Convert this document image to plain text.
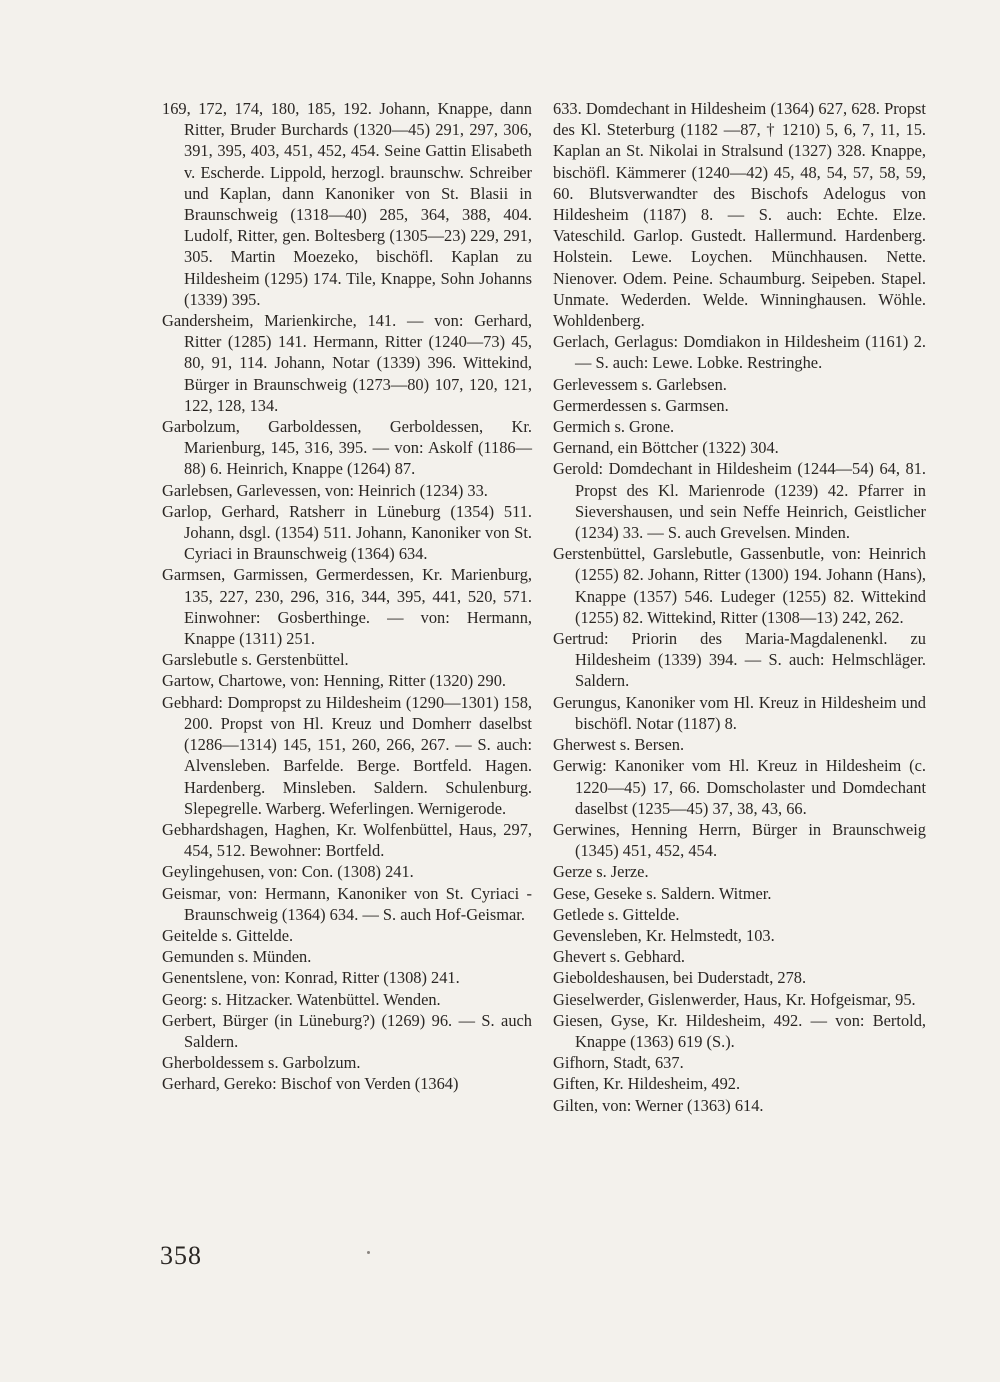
169, 172, 174, 180, 185, 192. Johann, Knappe, dann Ritter, Bruder Burchards (1320—45) 291, 297, 306, 391, 395, 403, 451, 452, 454. Seine Gattin Elisabeth v. Escherde. Lippold, herzogl. braunschw. Schreiber und Kaplan, dann Kanoniker von St. Blasii in Braunschweig (1318—40) 285, 364, 388, 404. Ludolf, Ritter, gen. Boltesberg (1305—23) 229, 291, 305. Martin Moezeko, bischöfl. Kaplan zu Hildesheim (1295) 174. Tile, Knappe, Sohn Johanns (1339) 395.

Gandersheim, Marienkirche, 141. — von: Gerhard, Ritter (1285) 141. Hermann, Ritter (1240—73) 45, 80, 91, 114. Johann, Notar (1339) 396. Wittekind, Bürger in Braunschweig (1273—80) 107, 120, 121, 122, 128, 134.

Garbolzum, Garboldessen, Gerboldessen, Kr. Marienburg, 145, 316, 395. — von: Askolf (1186—88) 6. Heinrich, Knappe (1264) 87.

Garlebsen, Garlevessen, von: Heinrich (1234) 33.

Garlop, Gerhard, Ratsherr in Lüneburg (1354) 511. Johann, dsgl. (1354) 511. Johann, Kanoniker von St. Cyriaci in Braunschweig (1364) 634.

Garmsen, Garmissen, Germerdessen, Kr. Marienburg, 135, 227, 230, 296, 316, 344, 395, 441, 520, 571. Einwohner: Gosberthinge. — von: Hermann, Knappe (1311) 251.

Garslebutle s. Gerstenbüttel.

Gartow, Chartowe, von: Henning, Ritter (1320) 290.

Gebhard: Dompropst zu Hildesheim (1290—1301) 158, 200. Propst von Hl. Kreuz und Domherr daselbst (1286—1314) 145, 151, 260, 266, 267. — S. auch: Alvensleben. Barfelde. Berge. Bortfeld. Hagen. Hardenberg. Minsleben. Saldern. Schulenburg. Slepegrelle. Warberg. Weferlingen. Wernigerode.

Gebhardshagen, Haghen, Kr. Wolfenbüttel, Haus, 297, 454, 512. Bewohner: Bortfeld.

Geylingehusen, von: Con. (1308) 241.

Geismar, von: Hermann, Kanoniker von St. Cyriaci - Braunschweig (1364) 634. — S. auch Hof-Geismar.

Geitelde s. Gittelde.

Gemunden s. Münden.

Genentslene, von: Konrad, Ritter (1308) 241.

Georg: s. Hitzacker. Watenbüttel. Wenden.

Gerbert, Bürger (in Lüneburg?) (1269) 96. — S. auch Saldern.

Gherboldessem s. Garbolzum.

Gerhard, Gereko: Bischof von Verden (1364)

633. Domdechant in Hildesheim (1364) 627, 628. Propst des Kl. Steterburg (1182 —87, † 1210) 5, 6, 7, 11, 15. Kaplan an St. Nikolai in Stralsund (1327) 328. Knappe, bischöfl. Kämmerer (1240—42) 45, 48, 54, 57, 58, 59, 60. Blutsverwandter des Bischofs Adelogus von Hildesheim (1187) 8. — S. auch: Echte. Elze. Vateschild. Garlop. Gustedt. Hallermund. Hardenberg. Holstein. Lewe. Loychen. Münchhausen. Nette. Nienover. Odem. Peine. Schaumburg. Seipeben. Stapel. Unmate. Wederden. Welde. Winninghausen. Wöhle. Wohldenberg.

Gerlach, Gerlagus: Domdiakon in Hildesheim (1161) 2. — S. auch: Lewe. Lobke. Restringhe.

Gerlevessem s. Garlebsen.

Germerdessen s. Garmsen.

Germich s. Grone.

Gernand, ein Böttcher (1322) 304.

Gerold: Domdechant in Hildesheim (1244—54) 64, 81. Propst des Kl. Marienrode (1239) 42. Pfarrer in Sievershausen, und sein Neffe Heinrich, Geistlicher (1234) 33. — S. auch Grevelsen. Minden.

Gerstenbüttel, Garslebutle, Gassenbutle, von: Heinrich (1255) 82. Johann, Ritter (1300) 194. Johann (Hans), Knappe (1357) 546. Ludeger (1255) 82. Wittekind (1255) 82. Wittekind, Ritter (1308—13) 242, 262.

Gertrud: Priorin des Maria-Magdalenenkl. zu Hildesheim (1339) 394. — S. auch: Helmschläger. Saldern.

Gerungus, Kanoniker vom Hl. Kreuz in Hildesheim und bischöfl. Notar (1187) 8.

Gherwest s. Bersen.

Gerwig: Kanoniker vom Hl. Kreuz in Hildesheim (c. 1220—45) 17, 66. Domscholaster und Domdechant daselbst (1235—45) 37, 38, 43, 66.

Gerwines, Henning Herrn, Bürger in Braunschweig (1345) 451, 452, 454.

Gerze s. Jerze.

Gese, Geseke s. Saldern. Witmer.

Getlede s. Gittelde.

Gevensleben, Kr. Helmstedt, 103.

Ghevert s. Gebhard.

Gieboldeshausen, bei Duderstadt, 278.

Gieselwerder, Gislenwerder, Haus, Kr. Hofgeismar, 95.

Giesen, Gyse, Kr. Hildesheim, 492. — von: Bertold, Knappe (1363) 619 (S.).

Gifhorn, Stadt, 637.

Giften, Kr. Hildesheim, 492.

Gilten, von: Werner (1363) 614.

358
